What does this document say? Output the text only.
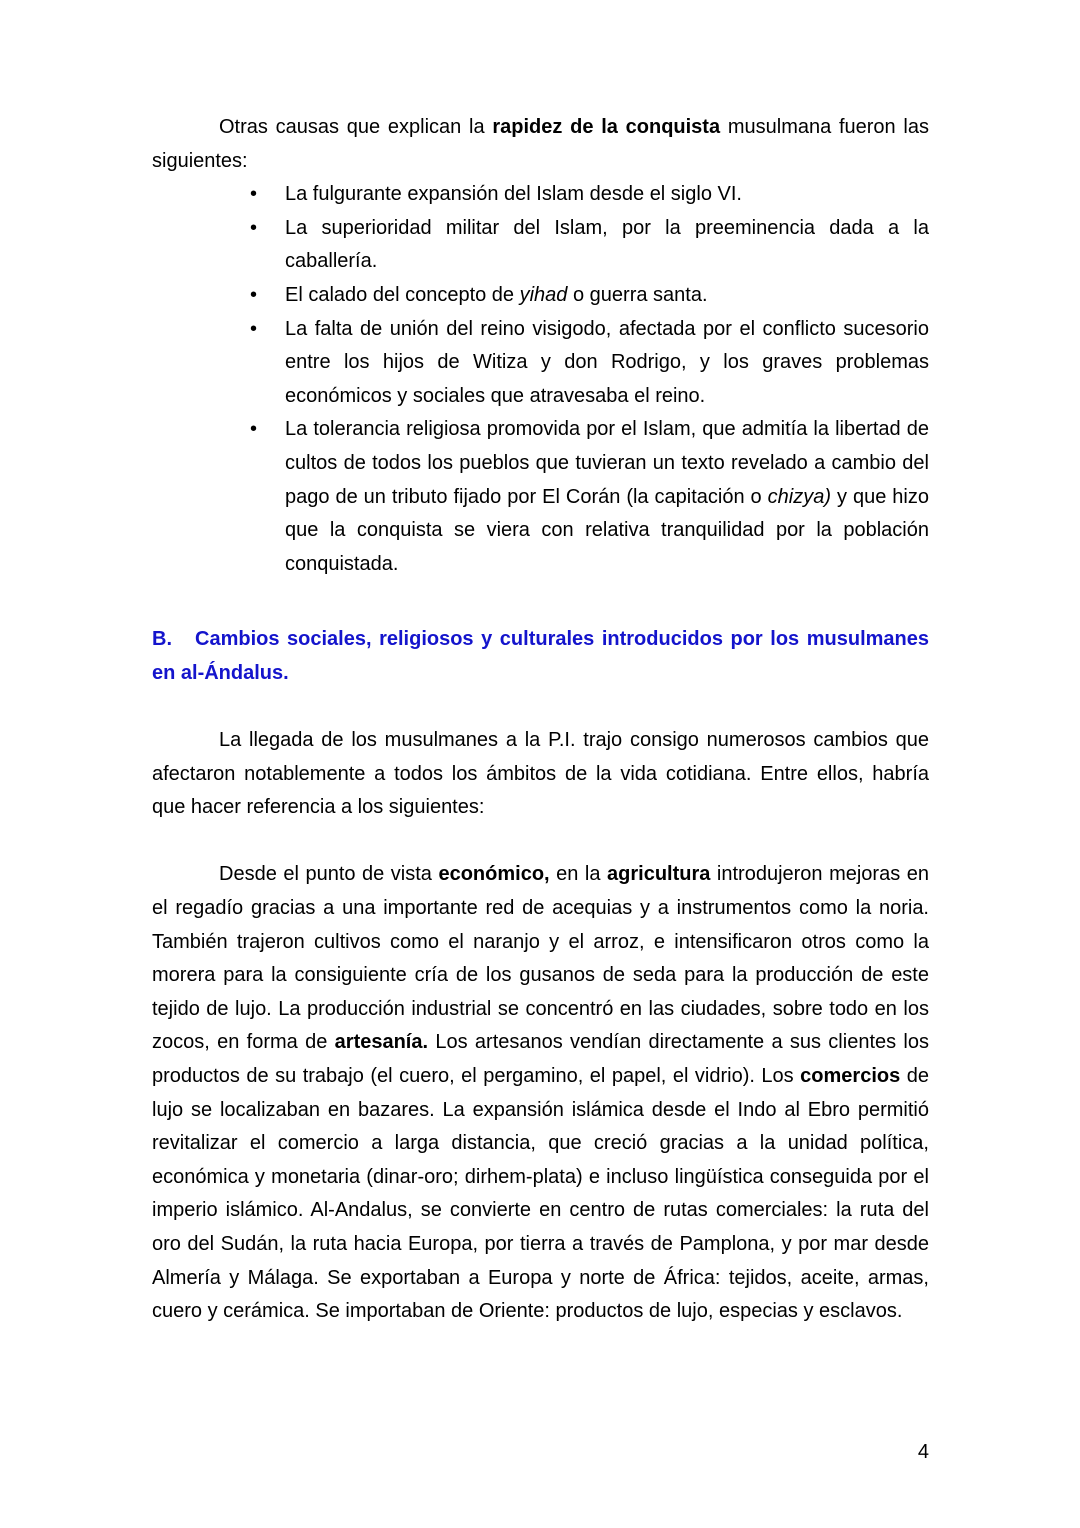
Otras causas que explican la rapidez de la conquista musulmana fueron las siguientes:

• La fulgurante expansión del Islam desde el siglo VI.
• La superioridad militar del Islam, por la preeminencia dada a la caballería.
• El calado del concepto de yihad o guerra santa.
• La falta de unión del reino visigodo, afectada por el conflicto sucesorio entre los hijos de Witiza y don Rodrigo, y los graves problemas económicos y sociales que atravesaba el reino.
• La tolerancia religiosa promovida por el Islam, que admitía la libertad de cultos de todos los pueblos que tuvieran un texto revelado a cambio del pago de un tributo fijado por El Corán (la capitación o chizya) y que hizo que la conquista se viera con relativa tranquilidad por la población conquistada.
B. Cambios sociales, religiosos y culturales introducidos por los musulmanes en al-Ándalus.

La llegada de los musulmanes a la P.I. trajo consigo numerosos cambios que afectaron notablemente a todos los ámbitos de la vida cotidiana. Entre ellos, habría que hacer referencia a los siguientes:

Desde el punto de vista económico, en la agricultura introdujeron mejoras en el regadío gracias a una importante red de acequias y a instrumentos como la noria. También trajeron cultivos como el naranjo y el arroz, e intensificaron otros como la morera para la consiguiente cría de los gusanos de seda para la producción de este tejido de lujo. La producción industrial se concentró en las ciudades, sobre todo en los zocos, en forma de artesanía. Los artesanos vendían directamente a sus clientes los productos de su trabajo (el cuero, el pergamino, el papel, el vidrio). Los comercios de lujo se localizaban en bazares. La expansión islámica desde el Indo al Ebro permitió revitalizar el comercio a larga distancia, que creció gracias a la unidad política, económica y monetaria (dinar-oro; dirhem-plata) e incluso lingüística conseguida por el imperio islámico. Al-Andalus, se convierte en centro de rutas comerciales: la ruta del oro del Sudán, la ruta hacia Europa, por tierra a través de Pamplona, y por mar desde Almería y Málaga. Se exportaban a Europa y norte de África: tejidos, aceite, armas, cuero y cerámica. Se importaban de Oriente: productos de lujo, especias y esclavos.

4
